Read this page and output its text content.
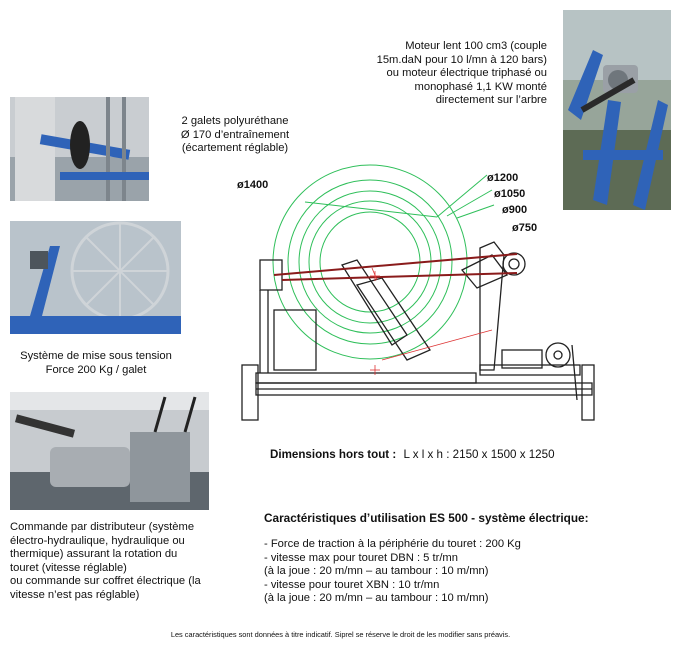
Moteur lent 100 cm3 (couple
15m.daN pour 10 l/mn à 120 bars)
ou moteur électrique triphasé ou
monophasé 1,1 KW monté
directement sur l’arbre
2 galets polyuréthane
Ø 170 d’entraînement
(écartement réglable)
Système de mise sous tension
Force 200 Kg / galet
Commande par distributeur (système
électro-hydraulique, hydraulique ou
thermique) assurant la rotation du
touret (vitesse réglable)
ou commande sur coffret électrique (la
vitesse n’est pas réglable)
ø1400
ø1200
ø1050
ø900
ø750
Dimensions hors tout : L x l x h : 2150 x 1500 x 1250
Caractéristiques d’utilisation ES 500 - système électrique:
- Force de traction à la périphérie du touret : 200 Kg
- vitesse max pour touret DBN : 5 tr/mn
(à la joue : 20 m/mn – au tambour : 10 m/mn)
- vitesse pour touret XBN : 10 tr/mn
(à la joue : 20 m/mn – au tambour : 10 m/mn)
Les caractéristiques sont données à titre indicatif. Siprel se réserve le droit de les modifier sans préavis.
